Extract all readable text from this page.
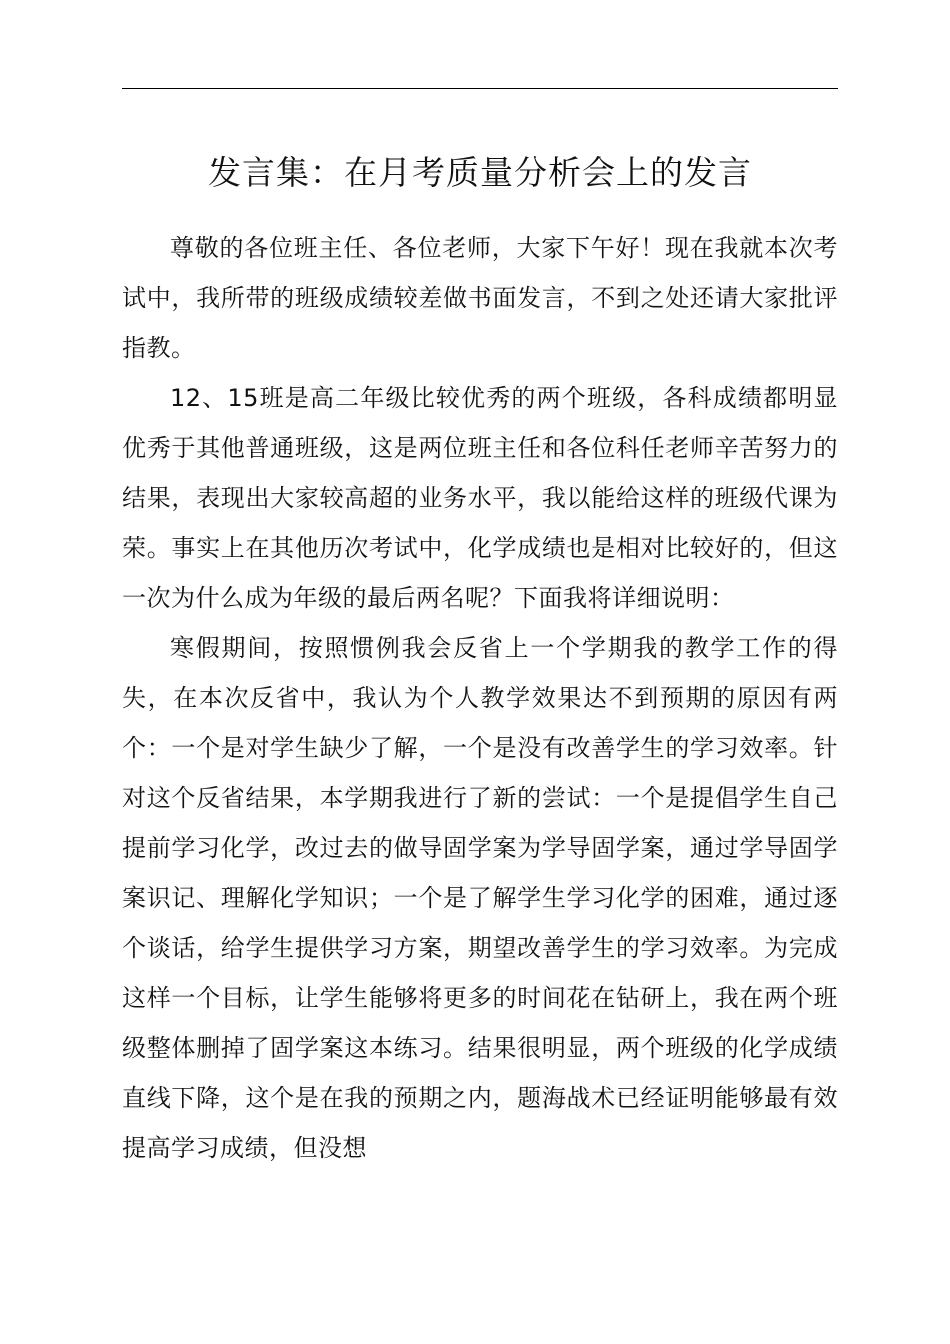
发言集：在月考质量分析会上的发言

尊敬的各位班主任、各位老师，大家下午好！现在我就本次考试中，我所带的班级成绩较差做书面发言，不到之处还请大家批评指教。

12、15班是高二年级比较优秀的两个班级，各科成绩都明显优秀于其他普通班级，这是两位班主任和各位科任老师辛苦努力的结果，表现出大家较高超的业务水平，我以能给这样的班级代课为荣。事实上在其他历次考试中，化学成绩也是相对比较好的，但这一次为什么成为年级的最后两名呢？下面我将详细说明：

寒假期间，按照惯例我会反省上一个学期我的教学工作的得失，在本次反省中，我认为个人教学效果达不到预期的原因有两个：一个是对学生缺少了解，一个是没有改善学生的学习效率。针对这个反省结果，本学期我进行了新的尝试：一个是提倡学生自己提前学习化学，改过去的做导固学案为学导固学案，通过学导固学案识记、理解化学知识；一个是了解学生学习化学的困难，通过逐个谈话，给学生提供学习方案，期望改善学生的学习效率。为完成这样一个目标，让学生能够将更多的时间花在钻研上，我在两个班级整体删掉了固学案这本练习。结果很明显，两个班级的化学成绩直线下降，这个是在我的预期之内，题海战术已经证明能够最有效提高学习成绩，但没想
